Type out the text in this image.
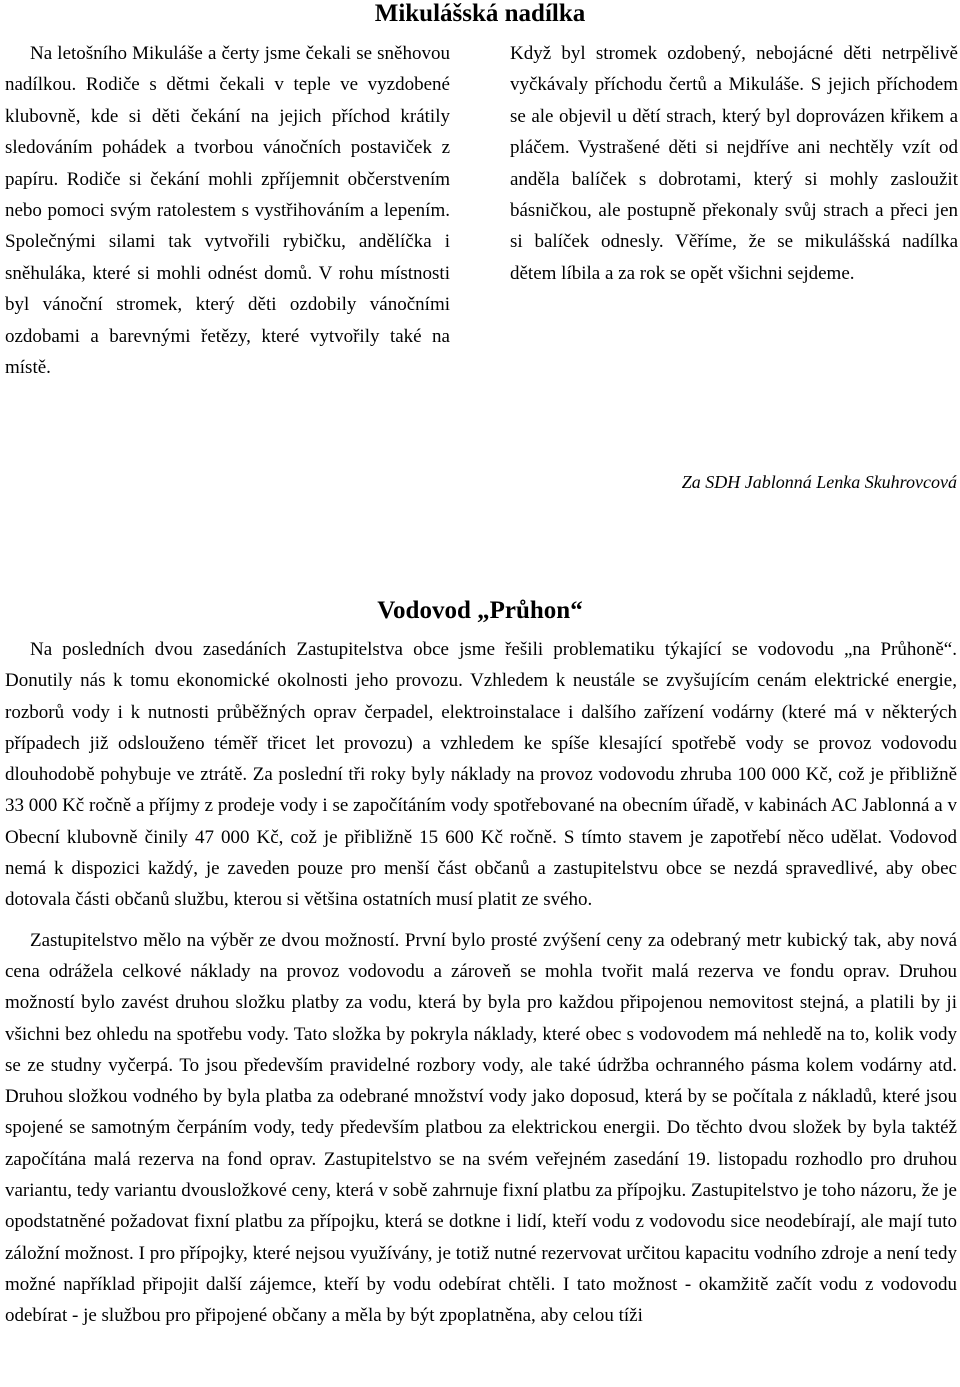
Mikulášská nadílka

Na letošního Mikuláše a čerty jsme čekali se sněhovou nadílkou. Rodiče s dětmi čekali v teple ve vyzdobené klubovně, kde si děti čekání na jejich příchod krátily sledováním pohádek a tvorbou vánočních postaviček z papíru. Rodiče si čekání mohli zpříjemnit občerstvením nebo pomoci svým ratolestem s vystřihováním a lepením. Společnými silami tak vytvořili rybičku, andělíčka i sněhuláka, které si mohli odnést domů. V rohu místnosti byl vánoční stromek, který děti ozdobily vánočními ozdobami a barevnými řetězy, které vytvořily také na místě.

Když byl stromek ozdobený, nebojácné děti netrpělivě vyčkávaly příchodu čertů a Mikuláše. S jejich příchodem se ale objevil u dětí strach, který byl doprovázen křikem a pláčem. Vystrašené děti si nejdříve ani nechtěly vzít od anděla balíček s dobrotami, který si mohly zasloužit básničkou, ale postupně překonaly svůj strach a přeci jen si balíček odnesly. Věříme, že se mikulášská nadílka dětem líbila a za rok se opět všichni sejdeme.

Za SDH Jablonná Lenka Skuhrovcová
Vodovod „Průhon“

Na posledních dvou zasedáních Zastupitelstva obce jsme řešili problematiku týkající se vodovodu „na Průhoně“. Donutily nás k tomu ekonomické okolnosti jeho provozu. Vzhledem k neustále se zvyšujícím cenám elektrické energie, rozborů vody i k nutnosti průběžných oprav čerpadel, elektroinstalace i dalšího zařízení vodárny (které má v některých případech již odslouženo téměř třicet let provozu) a vzhledem ke spíše klesající spotřebě vody se provoz vodovodu dlouhodobě pohybuje ve ztrátě. Za poslední tři roky byly náklady na provoz vodovodu zhruba 100 000 Kč, což je přibližně 33 000 Kč ročně a příjmy z prodeje vody i se započítáním vody spotřebované na obecním úřadě, v kabinách AC Jablonná a v Obecní klubovně činily 47 000 Kč, což je přibližně 15 600 Kč ročně. S tímto stavem je zapotřebí něco udělat. Vodovod nemá k dispozici každý, je zaveden pouze pro menší část občanů a zastupitelstvu obce se nezdá spravedlivé, aby obec dotovala části občanů službu, kterou si většina ostatních musí platit ze svého.

Zastupitelstvo mělo na výběr ze dvou možností. První bylo prosté zvýšení ceny za odebraný metr kubický tak, aby nová cena odrážela celkové náklady na provoz vodovodu a zároveň se mohla tvořit malá rezerva ve fondu oprav. Druhou možností bylo zavést druhou složku platby za vodu, která by byla pro každou připojenou nemovitost stejná, a platili by ji všichni bez ohledu na spotřebu vody. Tato složka by pokryla náklady, které obec s vodovodem má nehledě na to, kolik vody se ze studny vyčerpá. To jsou především pravidelné rozbory vody, ale také údržba ochranného pásma kolem vodárny atd. Druhou složkou vodného by byla platba za odebrané množství vody jako doposud, která by se počítala z nákladů, které jsou spojené se samotným čerpáním vody, tedy především platbou za elektrickou energii. Do těchto dvou složek by byla taktéž započítána malá rezerva na fond oprav. Zastupitelstvo se na svém veřejném zasedání 19. listopadu rozhodlo pro druhou variantu, tedy variantu dvousložkové ceny, která v sobě zahrnuje fixní platbu za přípojku. Zastupitelstvo je toho názoru, že je opodstatněné požadovat fixní platbu za přípojku, která se dotkne i lidí, kteří vodu z vodovodu sice neodebírají, ale mají tuto záložní možnost. I pro přípojky, které nejsou využívány, je totiž nutné rezervovat určitou kapacitu vodního zdroje a není tedy možné například připojit další zájemce, kteří by vodu odebírat chtěli. I tato možnost - okamžitě začít vodu z vodovodu odebírat - je službou pro připojené občany a měla by být zpoplatněna, aby celou tíži
